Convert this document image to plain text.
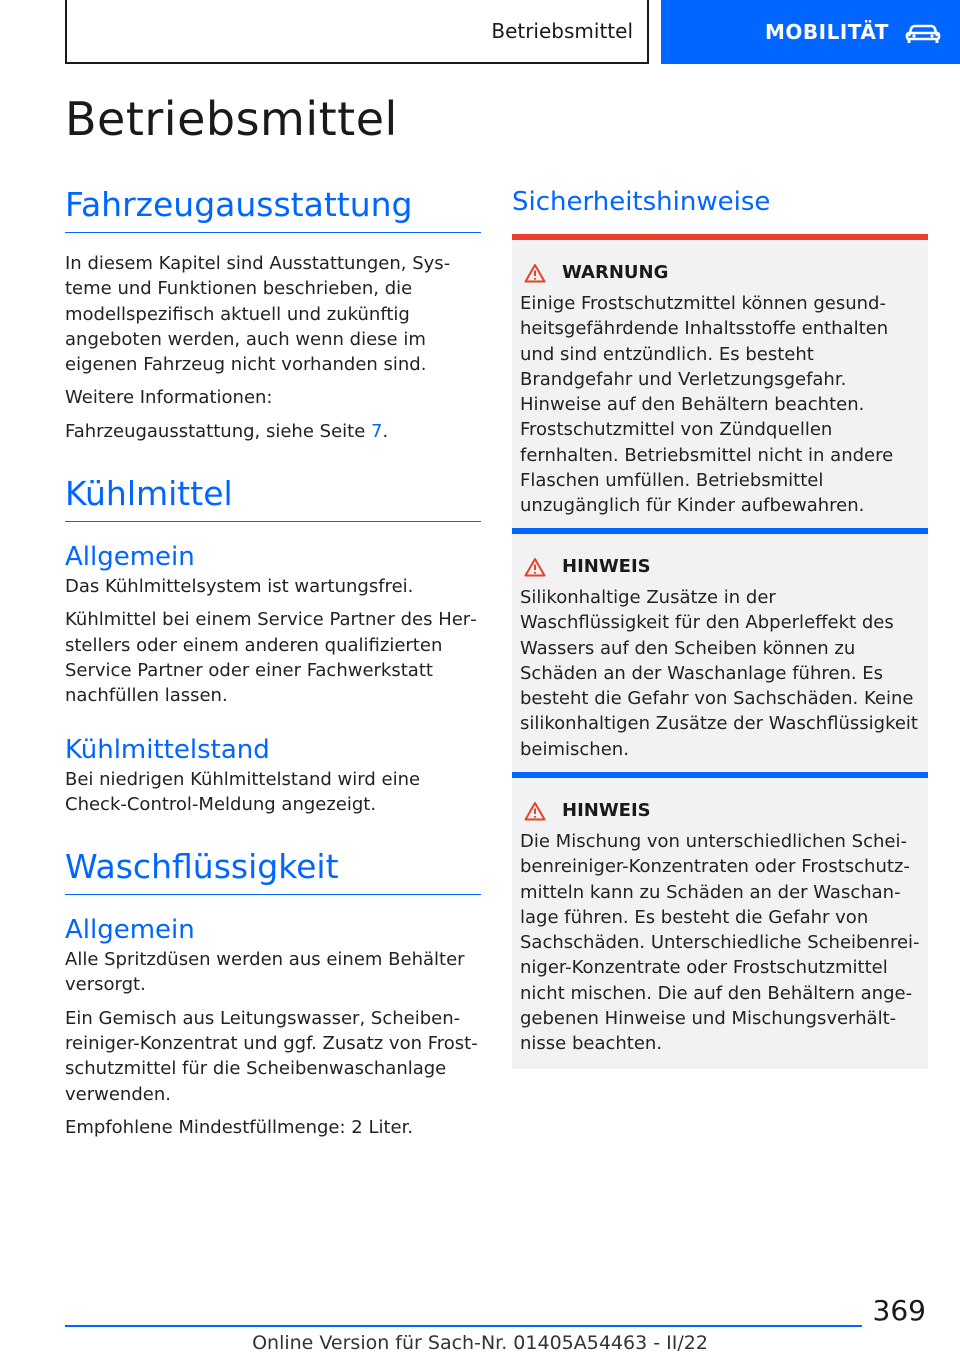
Betriebsmittel	MOBILITÄT
Betriebsmittel
Fahrzeugausstattung

In diesem Kapitel sind Ausstattungen, Systeme und Funktionen beschrieben, die modellspezifisch aktuell und zukünftig angeboten werden, auch wenn diese im eigenen Fahrzeug nicht vorhanden sind.

Weitere Informationen:

Fahrzeugausstattung, siehe Seite 7.

Kühlmittel
Allgemein

Das Kühlmittelsystem ist wartungsfrei.

Kühlmittel bei einem Service Partner des Herstellers oder einem anderen qualifizierten Service Partner oder einer Fachwerkstatt nachfüllen lassen.

Kühlmittelstand

Bei niedrigen Kühlmittelstand wird eine Check-Control-Meldung angezeigt.

Waschflüssigkeit
Allgemein

Alle Spritzdüsen werden aus einem Behälter versorgt.

Ein Gemisch aus Leitungswasser, Scheibenreiniger-Konzentrat und ggf. Zusatz von Frostschutzmittel für die Scheibenwaschanlage verwenden.

Empfohlene Mindestfüllmenge: 2 Liter.

Sicherheitshinweise
WARNUNG

Einige Frostschutzmittel können gesundheitsgefährdende Inhaltsstoffe enthalten und sind entzündlich. Es besteht Brandgefahr und Verletzungsgefahr. Hinweise auf den Behältern beachten. Frostschutzmittel von Zündquellen fernhalten. Betriebsmittel nicht in andere Flaschen umfüllen. Betriebsmittel unzugänglich für Kinder aufbewahren.

HINWEIS

Silikonhaltige Zusätze in der Waschflüssigkeit für den Abperleffekt des Wassers auf den Scheiben können zu Schäden an der Waschanlage führen. Es besteht die Gefahr von Sachschäden. Keine silikonhaltigen Zusätze der Waschflüssigkeit beimischen.

HINWEIS

Die Mischung von unterschiedlichen Scheibenreiniger-Konzentraten oder Frostschutzmitteln kann zu Schäden an der Waschanlage führen. Es besteht die Gefahr von Sachschäden. Unterschiedliche Scheibenreiniger-Konzentrate oder Frostschutzmittel nicht mischen. Die auf den Behältern angegebenen Hinweise und Mischungsverhältnisse beachten.

369
Online Version für Sach-Nr. 01405A54463 - II/22
